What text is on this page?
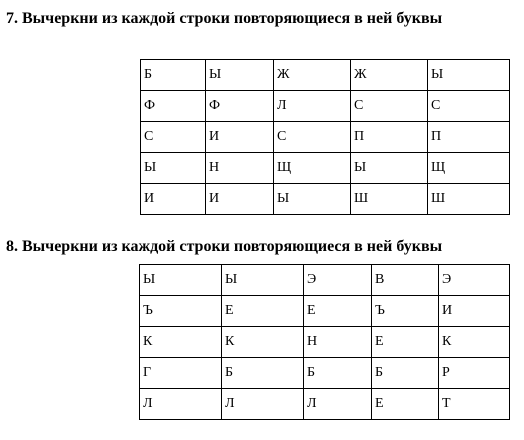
7. Вычеркни из каждой строки повторяющиеся в ней буквы
Б	Ы	Ж	Ж	Ы
Ф	Ф	Л	С	С
С	И	С	П	П
Ы	Н	Щ	Ы	Щ
И	И	Ы	Ш	Ш
8. Вычеркни из каждой строки повторяющиеся в ней буквы
Ы	Ы	Э	В	Э
Ъ	Е	Е	Ъ	И
К	К	Н	Е	К
Г	Б	Б	Б	Р
Л	Л	Л	Е	Т
